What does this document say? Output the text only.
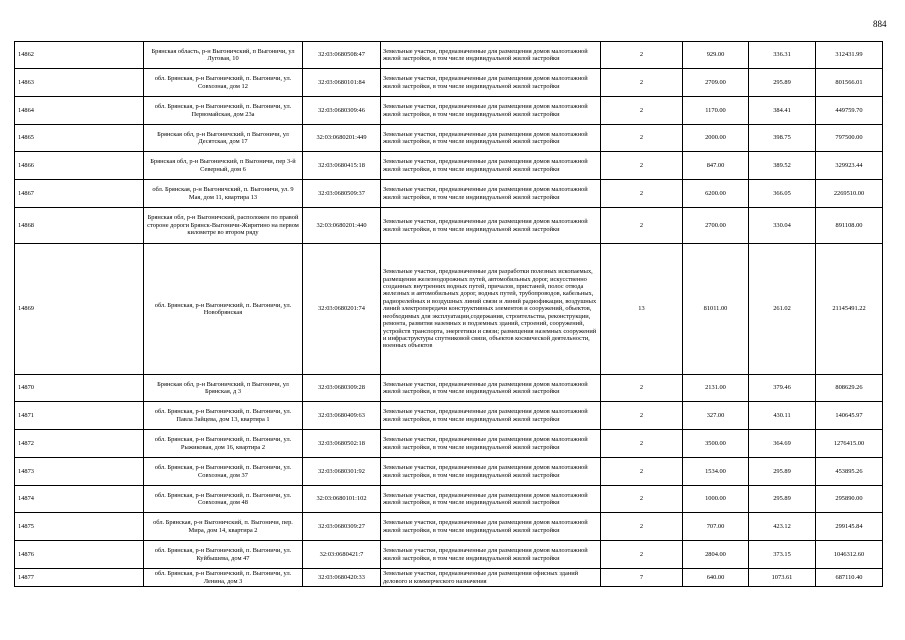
884
14862	Брянская область, р-н Выгоничский, п Выгоничи, ул Луговая, 10	32:03:0680508:47	Земельные участки, предназначенные для размещения домов малоэтажной жилой застройки, в том числе индивидуальной жилой застройки	2	929.00	336.31	312431.99
14863	обл. Брянская, р-н Выгоничский, п. Выгоничи, ул. Совхозная, дом 12	32:03:0680101:84	Земельные участки, предназначенные для размещения домов малоэтажной жилой застройки, в том числе индивидуальной жилой застройки	2	2709.00	295.89	801566.01
14864	обл. Брянская, р-н Выгоничский, п. Выгоничи, ул. Первомайская, дом 23а	32:03:0680309:46	Земельные участки, предназначенные для размещения домов малоэтажной жилой застройки, в том числе индивидуальной жилой застройки	2	1170.00	384.41	449759.70
14865	Брянская обл, р-н Выгоничский, п Выгоничи, ул Десятская, дом 17	32:03:0680201:449	Земельные участки, предназначенные для размещения домов малоэтажной жилой застройки, в том числе индивидуальной жилой застройки	2	2000.00	398.75	797500.00
14866	Брянская обл, р-н Выгоничский, п Выгоничи, пер 3-й Северный, дом 6	32:03:0680415:18	Земельные участки, предназначенные для размещения домов малоэтажной жилой застройки, в том числе индивидуальной жилой застройки	2	847.00	389.52	329923.44
14867	обл. Брянская, р-н Выгоничский, п. Выгоничи, ул. 9 Мая, дом 11, квартира 13	32:03:0680509:37	Земельные участки, предназначенные для размещения домов малоэтажной жилой застройки, в том числе индивидуальной жилой застройки	2	6200.00	366.05	2269510.00
14868	Брянская обл, р-н Выгоничский, расположен по правой стороне дороги Брянск-Выгоничи-Жирятино на первом километре во втором ряду	32:03:0680201:440	Земельные участки, предназначенные для размещения домов малоэтажной жилой застройки, в том числе индивидуальной жилой застройки	2	2700.00	330.04	891108.00
14869	обл. Брянская, р-н Выгоничский, п. Выгоничи, ул. Новобрянская	32:03:0680201:74	Земельные участки, предназначенные для разработки полезных ископаемых, размещения железнодорожных путей, автомобильных дорог, искусственно созданных внутренних водных путей, причалов, пристаней, полос отвода железных и автомобильных дорог, водных путей, трубопроводов, кабельных, радиорелейных и воздушных линий связи и линий радиофикации, воздушных линий электропередачи конструктивных элементов и сооружений, объектов, необходимых для эксплуатации,содержания, строительства, реконструкции, ремонта, развития наземных и подземных зданий, строений, сооружений, устройств транспорта, энергетики и связи; размещения наземных сооружений и инфраструктуры спутниковой связи, объектов космической деятельности, военных объектов	13	81011.00	261.02	21145491.22
14870	Брянская обл, р-н Выгоничский, п Выгоничи, ул Брянская, д 3	32:03:0680309:28	Земельные участки, предназначенные для размещения домов малоэтажной жилой застройки, в том числе индивидуальной жилой застройки	2	2131.00	379.46	808629.26
14871	обл. Брянская, р-н Выгоничский, п. Выгоничи, ул. Павла Зайцева, дом 13, квартира 1	32:03:0680409:63	Земельные участки, предназначенные для размещения домов малоэтажной жилой застройки, в том числе индивидуальной жилой застройки	2	327.00	430.11	140645.97
14872	обл. Брянская, р-н Выгоничский, п. Выгоничи, ул. Рыжиковая, дом 16, квартира 2	32:03:0680502:18	Земельные участки, предназначенные для размещения домов малоэтажной жилой застройки, в том числе индивидуальной жилой застройки	2	3500.00	364.69	1276415.00
14873	обл. Брянская, р-н Выгоничский, п. Выгоничи, ул. Совхозная, дом 37	32:03:0680301:92	Земельные участки, предназначенные для размещения домов малоэтажной жилой застройки, в том числе индивидуальной жилой застройки	2	1534.00	295.89	453895.26
14874	обл. Брянская, р-н Выгоничский, п. Выгоничи, ул. Совхозная, дом 48	32:03:0680101:102	Земельные участки, предназначенные для размещения домов малоэтажной жилой застройки, в том числе индивидуальной жилой застройки	2	1000.00	295.89	295890.00
14875	обл. Брянская, р-н Выгоничский, п. Выгоничи, пер. Мира, дом 14, квартира 2	32:03:0680309:27	Земельные участки, предназначенные для размещения домов малоэтажной жилой застройки, в том числе индивидуальной жилой застройки	2	707.00	423.12	299145.84
14876	обл. Брянская, р-н Выгоничский, п. Выгоничи, ул. Куйбышева, дом 47	32:03:0680421:7	Земельные участки, предназначенные для размещения домов малоэтажной жилой застройки, в том числе индивидуальной жилой застройки	2	2804.00	373.15	1046312.60
14877	обл. Брянская, р-н Выгоничский, п. Выгоничи, ул. Ленина, дом 3	32:03:0680420:33	Земельные участки, предназначенные для размещения офисных зданий делового и коммерческого назначения	7	640.00	1073.61	687110.40
